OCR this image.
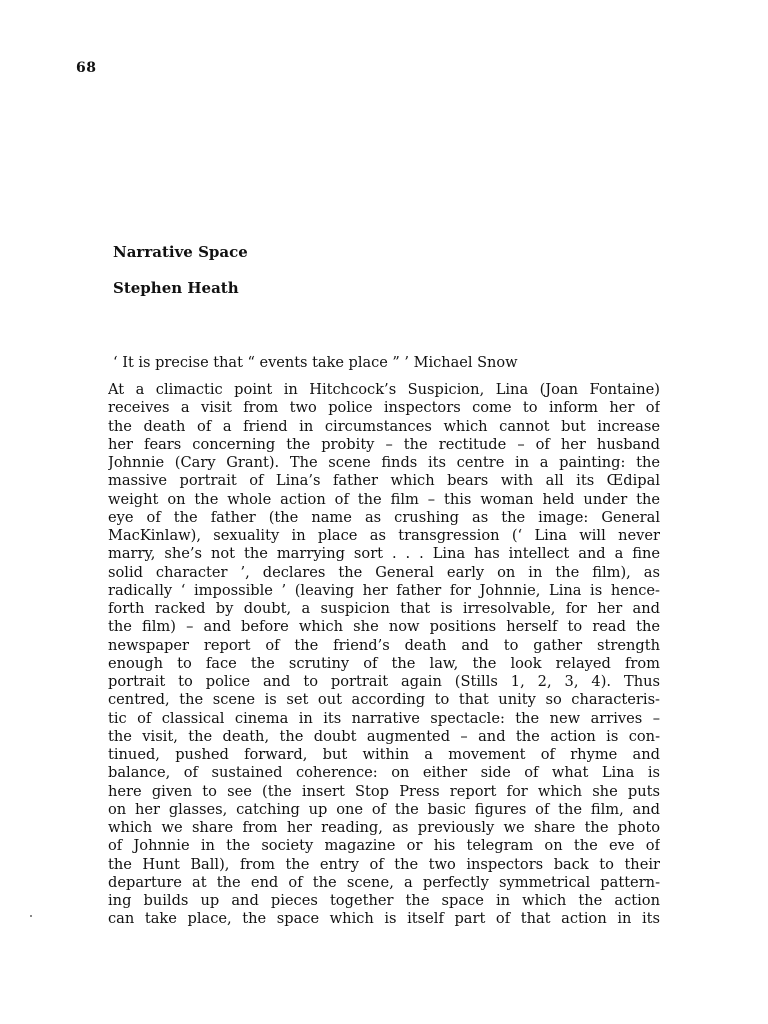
68
Narrative Space
Stephen Heath
‘ It is precise that “ events take place ” ’ Michael Snow
At a climactic point in Hitchcock’s Suspicion, Lina (Joan Fontaine)
receives a visit from two police inspectors come to inform her of
the death of a friend in circumstances which cannot but increase
her fears concerning the probity – the rectitude – of her husband
Johnnie (Cary Grant). The scene finds its centre in a painting: the
massive portrait of Lina’s father which bears with all its Œdipal
weight on the whole action of the film – this woman held under the
eye of the father (the name as crushing as the image: General
MacKinlaw), sexuality in place as transgression (‘ Lina will never
marry, she’s not the marrying sort . . . Lina has intellect and a fine
solid character ’, declares the General early on in the film), as
radically ‘ impossible ’ (leaving her father for Johnnie, Lina is hence-
forth racked by doubt, a suspicion that is irresolvable, for her and
the film) – and before which she now positions herself to read the
newspaper report of the friend’s death and to gather strength
enough to face the scrutiny of the law, the look relayed from
portrait to police and to portrait again (Stills 1, 2, 3, 4). Thus
centred, the scene is set out according to that unity so characteris-
tic of classical cinema in its narrative spectacle: the new arrives –
the visit, the death, the doubt augmented – and the action is con-
tinued, pushed forward, but within a movement of rhyme and
balance, of sustained coherence: on either side of what Lina is
here given to see (the insert Stop Press report for which she puts
on her glasses, catching up one of the basic figures of the film, and
which we share from her reading, as previously we share the photo
of Johnnie in the society magazine or his telegram on the eve of
the Hunt Ball), from the entry of the two inspectors back to their
departure at the end of the scene, a perfectly symmetrical pattern-
ing builds up and pieces together the space in which the action
can take place, the space which is itself part of that action in its
